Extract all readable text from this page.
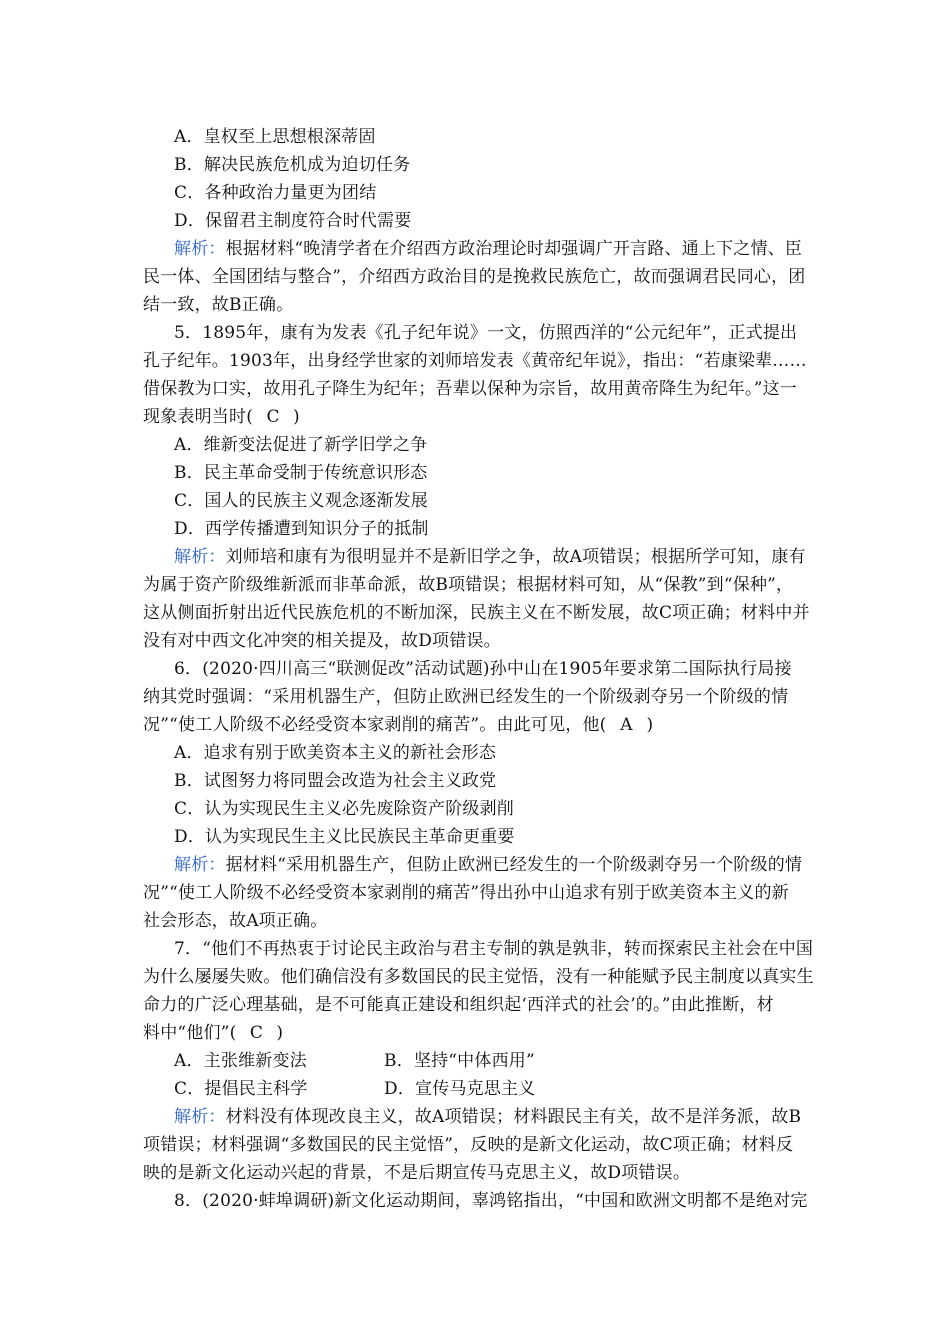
A．皇权至上思想根深蒂固
B．解决民族危机成为迫切任务
C．各种政治力量更为团结
D．保留君主制度符合时代需要
解析：根据材料“晚清学者在介绍西方政治理论时却强调广开言路、通上下之情、臣
民一体、全国团结与整合”，介绍西方政治目的是挽救民族危亡，故而强调君民同心，团
结一致，故B正确。
5．1895年，康有为发表《孔子纪年说》一文，仿照西洋的“公元纪年”，正式提出
孔子纪年。1903年，出身经学世家的刘师培发表《黄帝纪年说》，指出：“若康梁辈……
借保教为口实，故用孔子降生为纪年；吾辈以保种为宗旨，故用黄帝降生为纪年。”这一
现象表明当时( C )
A．维新变法促进了新学旧学之争
B．民主革命受制于传统意识形态
C．国人的民族主义观念逐渐发展
D．西学传播遭到知识分子的抵制
解析：刘师培和康有为很明显并不是新旧学之争，故A项错误；根据所学可知，康有
为属于资产阶级维新派而非革命派，故B项错误；根据材料可知，从“保教”到“保种”，
这从侧面折射出近代民族危机的不断加深，民族主义在不断发展，故C项正确；材料中并
没有对中西文化冲突的相关提及，故D项错误。
6．(2020·四川高三“联测促改”活动试题)孙中山在1905年要求第二国际执行局接
纳其党时强调：“采用机器生产，但防止欧洲已经发生的一个阶级剥夺另一个阶级的情
况”“使工人阶级不必经受资本家剥削的痛苦”。由此可见，他( A )
A．追求有别于欧美资本主义的新社会形态
B．试图努力将同盟会改造为社会主义政党
C．认为实现民生主义必先废除资产阶级剥削
D．认为实现民生主义比民族民主革命更重要
解析：据材料“采用机器生产，但防止欧洲已经发生的一个阶级剥夺另一个阶级的情
况”“使工人阶级不必经受资本家剥削的痛苦”得出孙中山追求有别于欧美资本主义的新
社会形态，故A项正确。
7．“他们不再热衷于讨论民主政治与君主专制的孰是孰非，转而探索民主社会在中国
为什么屡屡失败。他们确信没有多数国民的民主觉悟，没有一种能赋予民主制度以真实生
命力的广泛心理基础，是不可能真正建设和组织起‘西洋式的社会’的。”由此推断，材
料中“他们”( C )
A．主张维新变法	B．坚持“中体西用”
C．提倡民主科学	D．宣传马克思主义
解析：材料没有体现改良主义，故A项错误；材料跟民主有关，故不是洋务派，故B
项错误；材料强调“多数国民的民主觉悟”，反映的是新文化运动，故C项正确；材料反
映的是新文化运动兴起的背景，不是后期宣传马克思主义，故D项错误。
8．(2020·蚌埠调研)新文化运动期间，辜鸿铭指出，“中国和欧洲文明都不是绝对完
